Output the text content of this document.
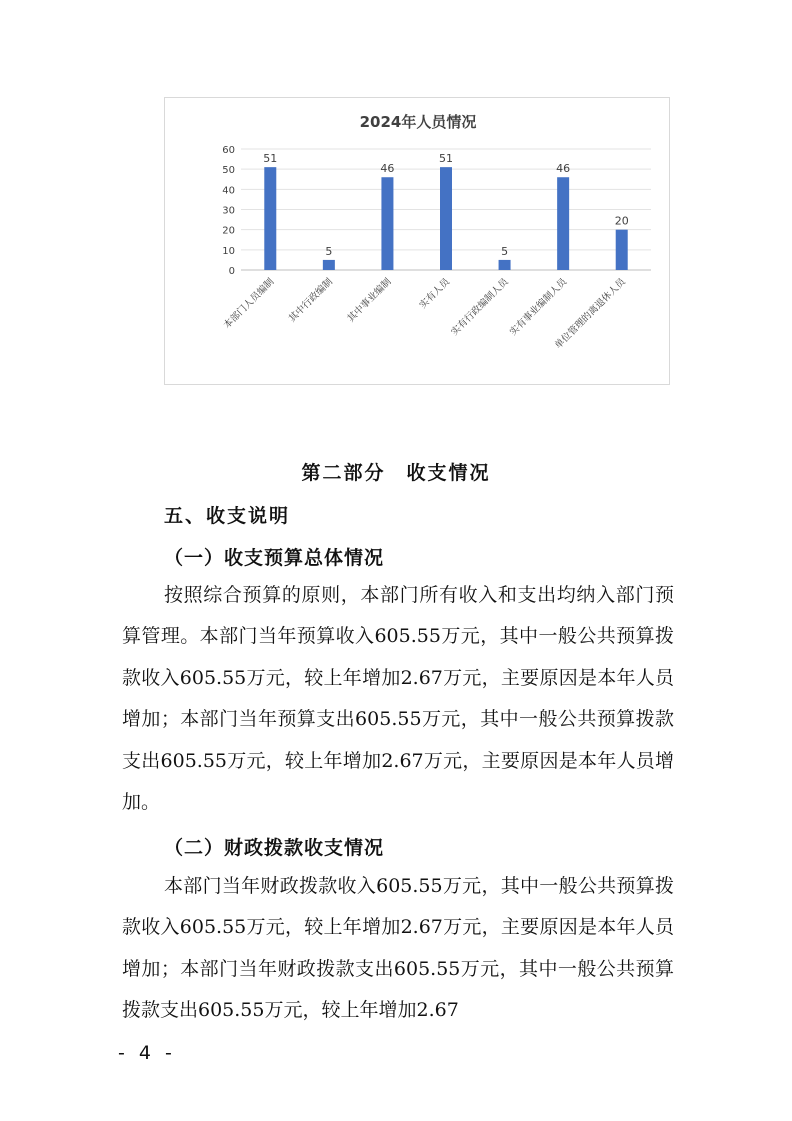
2024年人员情况
0
10
20
30
40
50
60
51
5
46
51
5
46
20
本部门人员编制 其中行政编制 其中事业编制	实有人员
实有行政编制人员
实有事业编制人员
单位管理的离退休人员
第二部分　收支情况
五、收支说明
（一）收支预算总体情况

按照综合预算的原则，本部门所有收入和支出均纳入部门预算管理。本部门当年预算收入605.55万元，其中一般公共预算拨款收入605.55万元，较上年增加2.67万元，主要原因是本年人员增加；本部门当年预算支出605.55万元，其中一般公共预算拨款支出605.55万元，较上年增加2.67万元，主要原因是本年人员增加。

（二）财政拨款收支情况

本部门当年财政拨款收入605.55万元，其中一般公共预算拨款收入605.55万元，较上年增加2.67万元，主要原因是本年人员增加；本部门当年财政拨款支出605.55万元，其中一般公共预算拨款支出605.55万元，较上年增加2.67

- 4 -
